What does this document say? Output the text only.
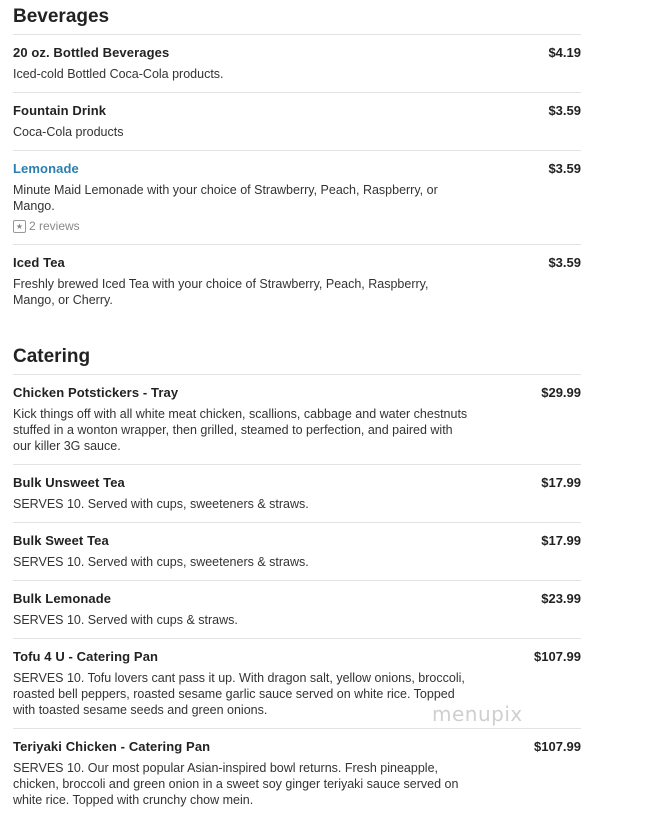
Beverages
20 oz. Bottled Beverages	$4.19
Iced-cold Bottled Coca-Cola products.
Fountain Drink	$3.59
Coca-Cola products
Lemonade	$3.59
Minute Maid Lemonade with your choice of Strawberry, Peach, Raspberry, or Mango.
★ 2 reviews
Iced Tea	$3.59
Freshly brewed Iced Tea with your choice of Strawberry, Peach, Raspberry, Mango, or Cherry.
Catering
Chicken Potstickers - Tray	$29.99
Kick things off with all white meat chicken, scallions, cabbage and water chestnuts stuffed in a wonton wrapper, then grilled, steamed to perfection, and paired with our killer 3G sauce.
Bulk Unsweet Tea	$17.99
SERVES 10. Served with cups, sweeteners & straws.
Bulk Sweet Tea	$17.99
SERVES 10. Served with cups, sweeteners & straws.
Bulk Lemonade	$23.99
SERVES 10. Served with cups & straws.
Tofu 4 U - Catering Pan	$107.99
SERVES 10. Tofu lovers cant pass it up. With dragon salt, yellow onions, broccoli, roasted bell peppers, roasted sesame garlic sauce served on white rice. Topped with toasted sesame seeds and green onions.
Teriyaki Chicken - Catering Pan	$107.99
SERVES 10. Our most popular Asian-inspired bowl returns. Fresh pineapple, chicken, broccoli and green onion in a sweet soy ginger teriyaki sauce served on white rice. Topped with crunchy chow mein.
menupix
